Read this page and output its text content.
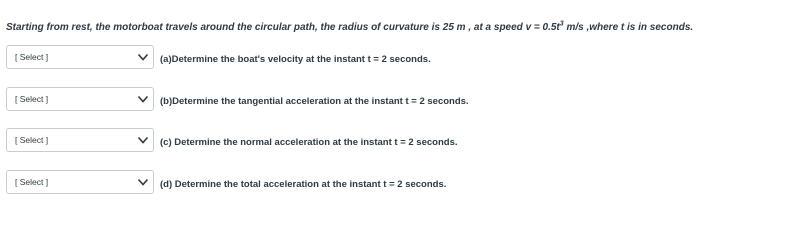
Starting from rest, the motorboat travels around the circular path, the radius of curvature is 25 m , at a speed $v = 0.5t^3$ m/s ,where t is in seconds.
[ Select ]	(a)Determine the boat's velocity at the instant t = 2 seconds.
[ Select ]	(b)Determine the tangential acceleration at the instant t = 2 seconds.
[ Select ]	(c) Determine the normal acceleration at the instant t = 2 seconds.
[ Select ]	(d) Determine the total acceleration at the instant t = 2 seconds.
